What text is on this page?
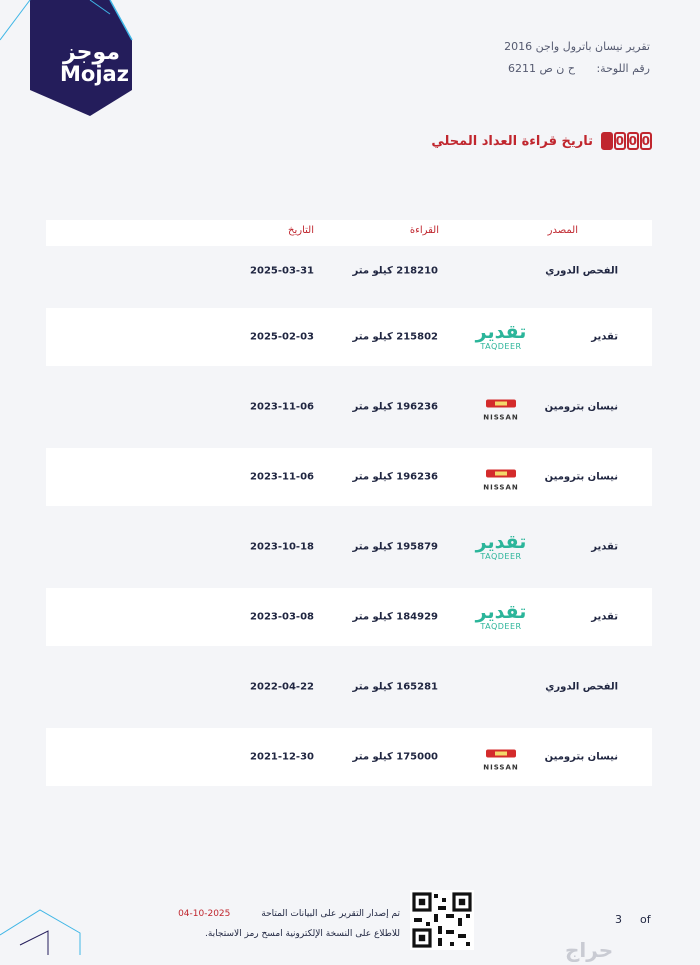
موجز
Mojaz
تقرير نيسان باترول واجن 2016
رقم اللوحة: ح ن ص 6211
0
0
0
تاريخ قراءة العداد المحلي
المصدر
القراءة
التاريخ
الفحص الدوري
218210 كيلو متر
2025-03-31
تقدير
تقدير
TAQDEER
215802 كيلو متر
2025-02-03
نيسان بترومين
NISSAN
196236 كيلو متر
2023-11-06
نيسان بترومين
NISSAN
196236 كيلو متر
2023-11-06
تقدير
تقدير
TAQDEER
195879 كيلو متر
2023-10-18
تقدير
تقدير
TAQDEER
184929 كيلو متر
2023-03-08
الفحص الدوري
165281 كيلو متر
2022-04-22
نيسان بترومين
NISSAN
175000 كيلو متر
2021-12-30
تم إصدار التقرير على البيانات المتاحة 2025-10-04
للاطلاع على النسخة الإلكترونية امسح رمز الاستجابة.
3 of
حراج
